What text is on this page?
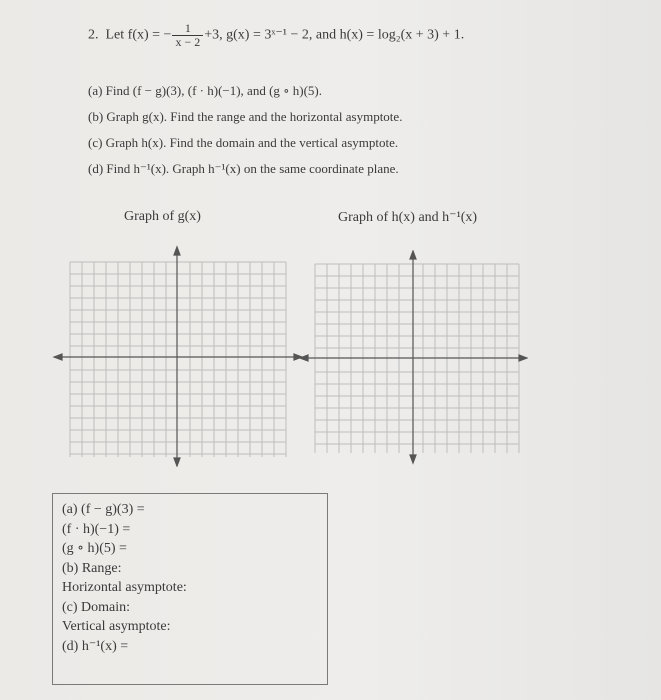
2. Let f(x) = − $\frac{1}{x - 2} +3$, g(x) = 3ˣ⁻¹ − 2, and h(x) = log₂(x + 3) + 1.
(a) Find (f − g)(3), (f · h)(−1), and (g ∘ h)(5).
(b) Graph g(x). Find the range and the horizontal asymptote.
(c) Graph h(x). Find the domain and the vertical asymptote.
(d) Find h⁻¹(x). Graph h⁻¹(x) on the same coordinate plane.
Graph of g(x)	Graph of h(x) and h⁻¹(x)
(a) (f − g)(3) =
(f · h)(−1) =
(g ∘ h)(5) =
(b) Range:
Horizontal asymptote:
(c) Domain:
Vertical asymptote:
(d) h⁻¹(x) =
